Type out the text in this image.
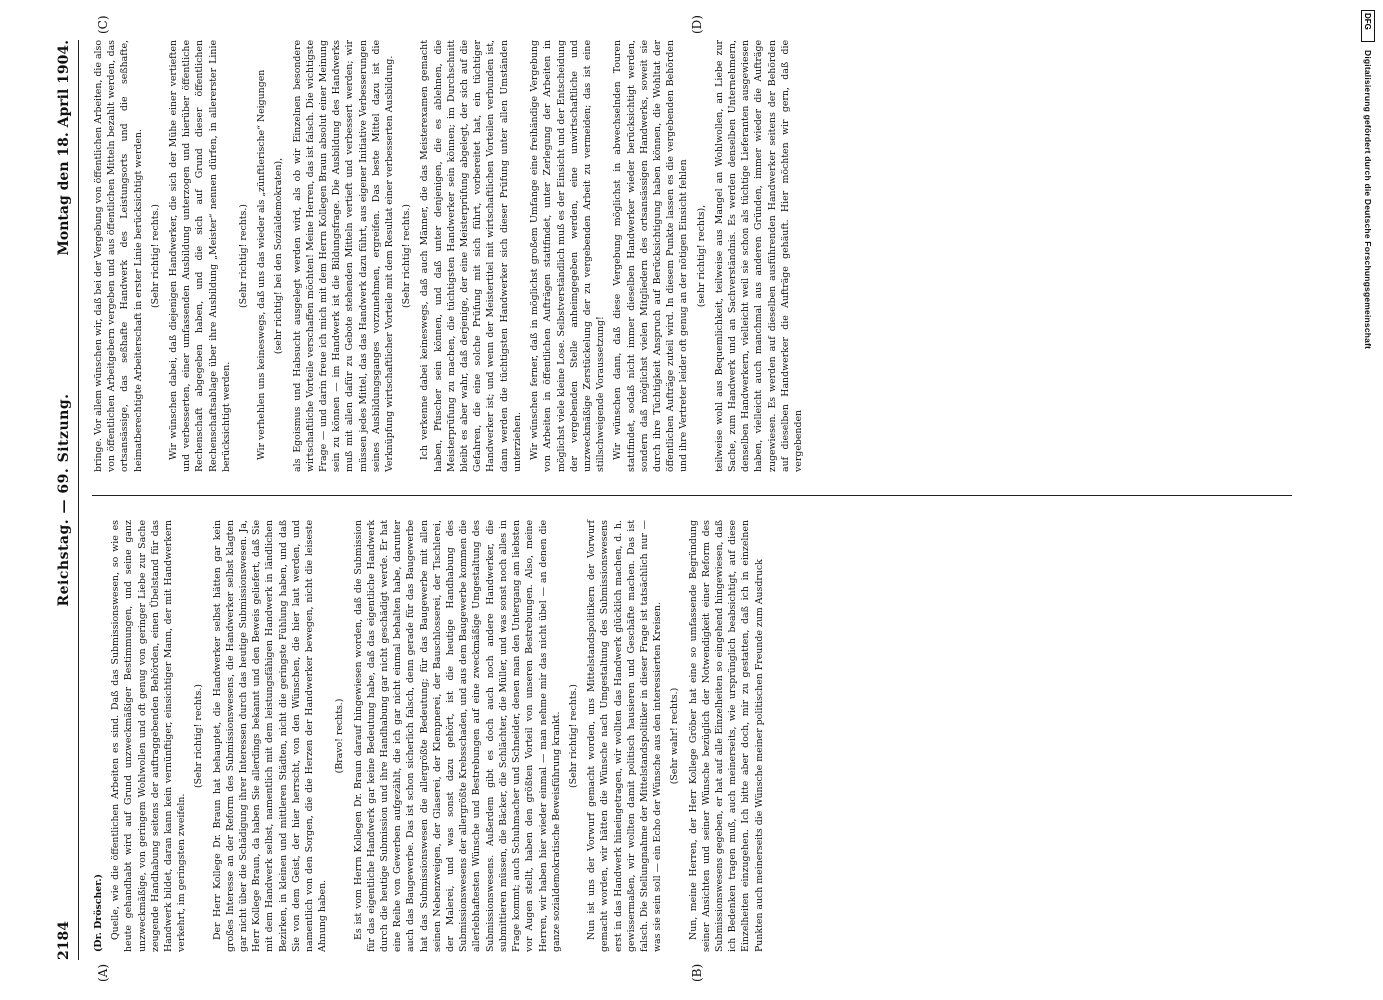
2184
Reichstag. — 69. Sitzung.
Montag den 18. April 1904.
(A)	(B)
(C)	(D)

(Dr. Dröscher.) Quelle, wie die öffentlichen Arbeiten es sind. Daß das Submissionswesen, so wie es heute gehandhabt wird auf Grund unzweckmäßiger Bestimmungen, und seine ganz unzweckmäßige, von geringem Wohlwollen und oft genug von geringer Liebe zur Sache zeugende Handhabung seitens der auftraggebenden Behörden, einen Übelstand für das Handwerk bildet, daran kann kein vernünftiger, einsichtiger Mann, der mit Handwerkern verkehrt, im geringsten zweifeln.

(Sehr richtig! rechts.) Der Herr Kollege Dr. Braun hat behauptet, die Handwerker selbst hätten gar kein großes Interesse an der Reform des Submissionswesens, die Handwerker selbst klagten gar nicht über die Schädigung ihrer Interessen durch das heutige Submissionswesen. Ja, Herr Kollege Braun, da haben Sie allerdings bekannt und den Beweis geliefert, daß Sie mit dem Handwerk selbst, namentlich mit dem leistungsfähigen Handwerk in ländlichen Bezirken, in kleinen und mittleren Städten, nicht die geringste Fühlung haben, und daß Sie von dem Geist, der hier herrscht, von den Wünschen, die hier laut werden, und namentlich von den Sorgen, die die Herzen der Handwerker bewegen, nicht die leiseste Ahnung haben.

(Bravo! rechts.) Es ist vom Herrn Kollegen Dr. Braun darauf hingewiesen worden, daß die Submission für das eigentliche Handwerk gar keine Bedeutung habe, daß das eigentliche Handwerk durch die heutige Submission und ihre Handhabung gar nicht geschädigt werde. Er hat eine Reihe von Gewerben aufgezählt, die ich gar nicht einmal behalten habe, darunter auch das Baugewerbe. Das ist schon sicherlich falsch, denn gerade für das Baugewerbe hat das Submissionswesen die allergrößte Bedeutung; für das Baugewerbe mit allen seinen Nebenzweigen, der Glaserei, der Klempnerei, der Bauschlosserei, der Tischlerei, der Malerei, und was sonst dazu gehört, ist die heutige Handhabung des Submissionswesens der allergrößte Krebsschaden, und aus dem Baugewerbe kommen die allerlebhaftesten Wünsche und Bestrebungen auf eine zweckmäßige Umgestaltung des Submissionswesens. Außerdem gibt es doch auch noch andere Handwerker, die submittieren müssen, die Bäcker, die Schlächter, die Müller, und was sonst noch alles in Frage kommt; auch Schuhmacher und Schneider, denen man den Untergang am liebsten vor Augen stellt, haben den größten Vorteil von unseren Bestrebungen. Also, meine Herren, wir haben hier wieder einmal — man nehme mir das nicht übel — an denen die ganze sozialdemokratische Beweisführung krankt. (Sehr richtig! rechts.) Nun ist uns der Vorwurf gemacht worden, uns Mittelstandspolitikern der Vorwurf gemacht worden, wir hätten die Wünsche nach Umgestaltung des Submissionswesens erst in das Handwerk hineingetragen, wir wollten das Handwerk glücklich machen, d. h. gewissermaßen, wir wollten damit politisch hausieren und Geschäfte machen. Das ist falsch. Die Stellungnahme der Mittelstandspolitiker in dieser Frage ist tatsächlich nur — was sie sein soll — ein Echo der Wünsche aus den interessierten Kreisen. (Sehr wahr! rechts.) Nun, meine Herren, der Herr Kollege Gröber hat eine so umfassende Begründung seiner Ansichten und seiner Wünsche bezüglich der Notwendigkeit einer Reform des Submissionswesens gegeben, er hat auf alle Einzelheiten so eingehend hingewiesen, daß ich Bedenken tragen muß, auch meinerseits, wie ursprünglich beabsichtigt, auf diese Einzelheiten einzugehen. Ich bitte aber doch, mir zu gestatten, daß ich in einzelnen Punkten auch meinerseits die Wünsche meiner politischen Freunde zum Ausdruck

bringe. Vor allem wünschen wir, daß bei der Vergebung von öffentlichen Arbeiten, die also von öffentlichen Arbeitgebern vergeben und aus öffentlichen Mitteln bezahlt werden, das ortsansässige, das seßhafte Handwerk des Leistungsorts und die seßhafte, heimatberechtigte Arbeiterschaft in erster Linie berücksichtigt werden. (Sehr richtig! rechts.) Wir wünschen dabei, daß diejenigen Handwerker, die sich der Mühe einer vertieften und verbesserten, einer umfassenden Ausbildung unterzogen und hierüber öffentliche Rechenschaft abgegeben haben, und die sich auf Grund dieser öffentlichen Rechenschaftsablage über ihre Ausbildung „Meister“ nennen dürfen, in allererster Linie berücksichtigt werden.

(Sehr richtig! rechts.) Wir verhehlen uns keineswegs, daß uns das wieder als „zünftlerische“ Neigungen (sehr richtig! bei den Sozialdemokraten), als Egoismus und Habsucht ausgelegt werden wird, als ob wir Einzelnen besondere wirtschaftliche Vorteile verschaffen möchten! Meine Herren, das ist falsch. Die wichtigste Frage — und darin freue ich mich mit dem Herrn Kollegen Braun absolut einer Meinung sein zu können — im Handwerk ist die Bildungsfrage. Die Ausbildung des Handwerks muß mit allen dafür zu Gebote stehenden Mitteln vertieft und verbessert werden; wir müssen jedes Mittel, das das Handwerk dazu führt, aus eigener Initiative Verbesserungen seines Ausbildungsganges vorzunehmen, ergreifen. Das beste Mittel dazu ist die Verknüpfung wirtschaftlicher Vorteile mit dem Resultat einer verbesserten Ausbildung. (Sehr richtig! rechts.) Ich verkenne dabei keineswegs, daß auch Männer, die das Meisterexamen gemacht haben, Pfuscher sein können, und daß unter denjenigen, die es ablehnen, die Meisterprüfung zu machen, die tüchtigsten Handwerker sein können; im Durchschnitt bleibt es aber wahr, daß derjenige, der eine Meisterprüfung abgelegt, der sich auf die Gefahren, die eine solche Prüfung mit sich führt, vorbereitet hat, ein tüchtiger Handwerker ist; und wenn der Meistertitel mit wirtschaftlichen Vorteilen verbunden ist, dann werden die tüchtigsten Handwerker sich dieser Prüfung unter allen Umständen unterziehen. Wir wünschen ferner, daß in möglichst großem Umfange eine freihändige Vergebung von Arbeiten in öffentlichen Aufträgen stattfindet, unter Zerlegung der Arbeiten in möglichst viele kleine Lose. Selbstverständlich muß es der Einsicht und der Entscheidung der vergebenden Stelle anheimgegeben werden, eine unwirtschaftliche und unzweckmäßige Zerstückelung der zu vergebenden Arbeit zu vermeiden; das ist eine stillschweigende Voraussetzung! Wir wünschen dann, daß diese Vergebung möglichst in abwechselnden Touren stattfindet, sodaß nicht immer dieselben Handwerker wieder berücksichtigt werden, sondern daß möglichst vielen Mitgliedern des ortsansässigen Handwerks, soweit sie durch ihre Tüchtigkeit Anspruch auf Berücksichtigung haben können, die Wohltat der öffentlichen Aufträge zuteil wird. In diesem Punkte lassen es die vergebenden Behörden und ihre Vertreter leider oft genug an der nötigen Einsicht fehlen (sehr richtig! rechts), teilweise wohl aus Bequemlichkeit, teilweise aus Mangel an Wohlwollen, an Liebe zur Sache, zum Handwerk und an Sachverständnis. Es werden denselben Unternehmern, denselben Handwerkern, vielleicht weil sie schon als tüchtige Lieferanten ausgewiesen haben, vielleicht auch manchmal aus anderen Gründen, immer wieder die Aufträge zugewiesen. Es werden auf dieselben ausführenden Handwerker seitens der Behörden auf dieselben Handwerker die Aufträge gehäuft. Hier möchten wir gern, daß die vergebenden

DFG
Digitalisierung gefördert durch die Deutsche Forschungsgemeinschaft
